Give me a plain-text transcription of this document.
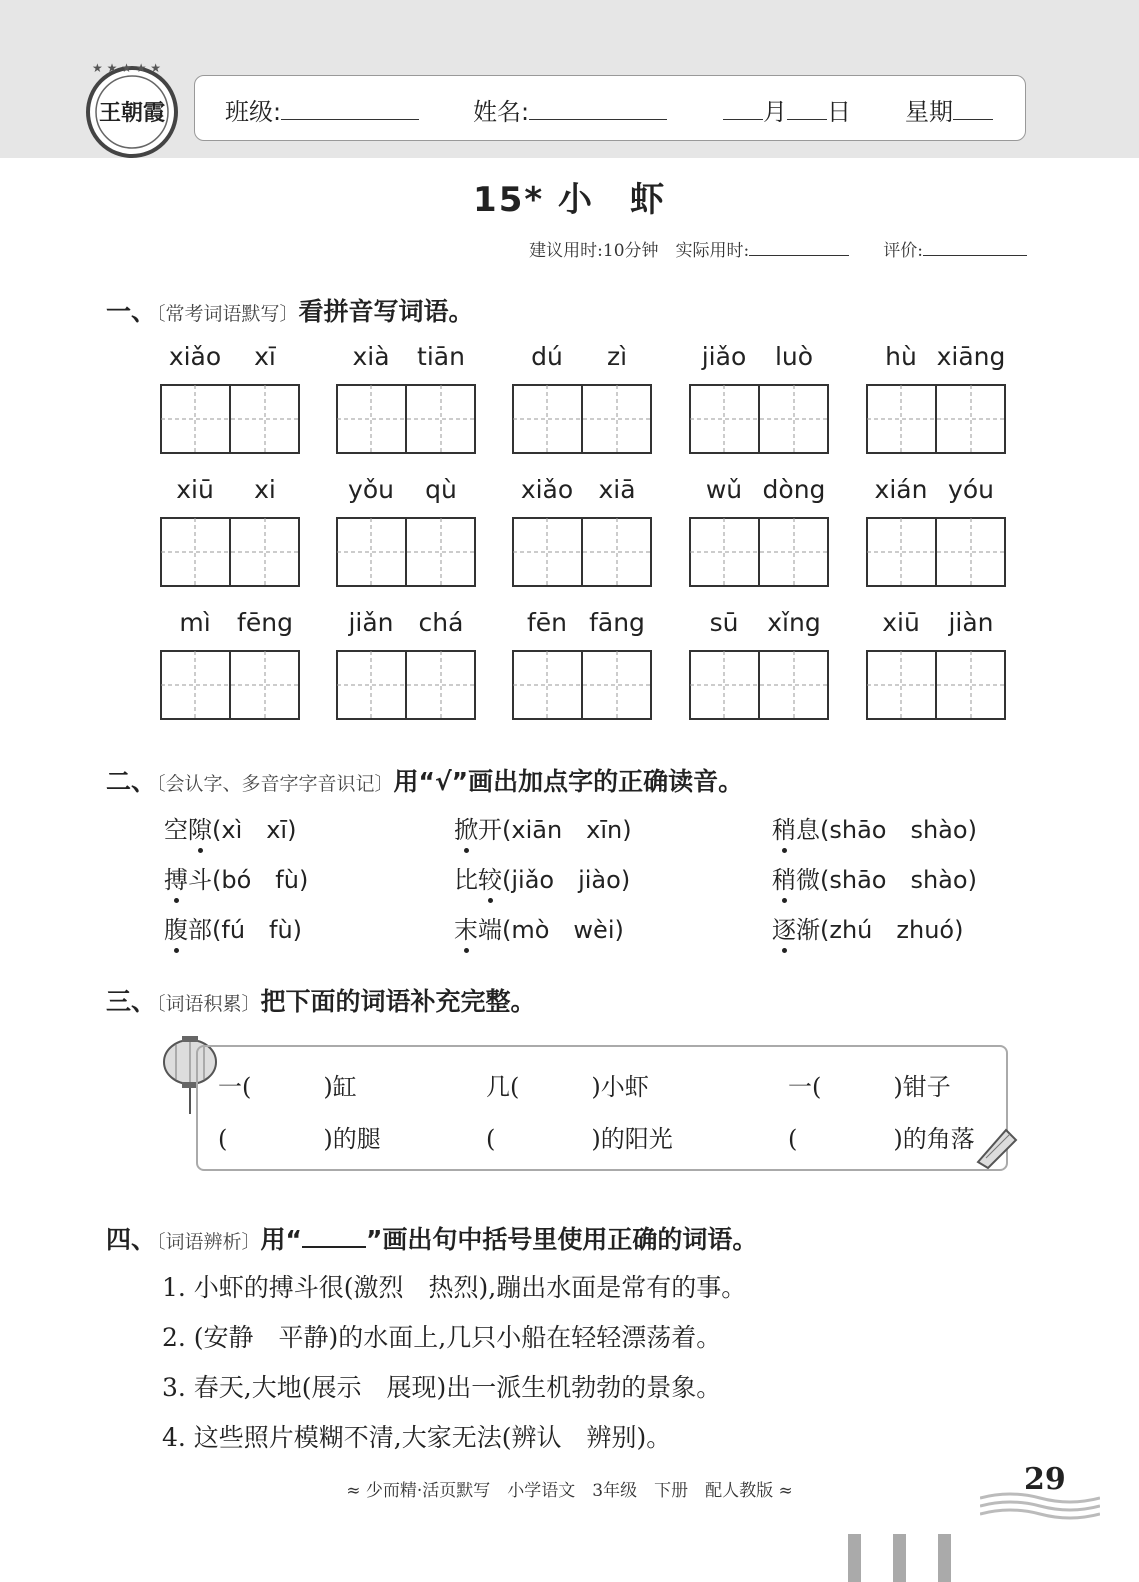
★ ★ ★ ★ ★
王朝霞 班级:	姓名:	月 日 星期
15* 小　虾
建议用时:10分钟　实际用时:　　	评价:
一、〔常考词语默写〕看拼音写词语。
xiǎo	xī	xià	tiān	dú	zì	jiǎo	luò	hù xiāng
xiū	xi	yǒu	qù	xiǎo	xiā	wǔ dòng	xián yóu
mì	fēng	jiǎn	chá	fēn fāng	sū	xǐng	xiū	jiàn
二、〔会认字、多音字字音识记〕用“√”画出加点字的正确读音。
空隙(xì　xī)	掀开(xiān　xīn)	稍息(shāo　shào)
搏斗(bó　fù)	比较(jiǎo　jiào)	稍微(shāo　shào)
腹部(fú　fù)	末端(mò　wèi)	逐渐(zhú　zhuó)
三、〔词语积累〕把下面的词语补充完整。
一(　　　)缸	几(　　　)小虾	一(　　　)钳子
(　　　　)的腿	(　　　　)的阳光	(　　　　)的角落
四、〔词语辨析〕用“	”画出句中括号里使用正确的词语。
1. 小虾的搏斗很(激烈　热烈),蹦出水面是常有的事。
2. (安静　平静)的水面上,几只小船在轻轻漂荡着。
3. 春天,大地(展示　展现)出一派生机勃勃的景象。
4. 这些照片模糊不清,大家无法(辨认　辨别)。
≈ 少而精·活页默写　小学语文　3年级　下册　配人教版 ≈	29
